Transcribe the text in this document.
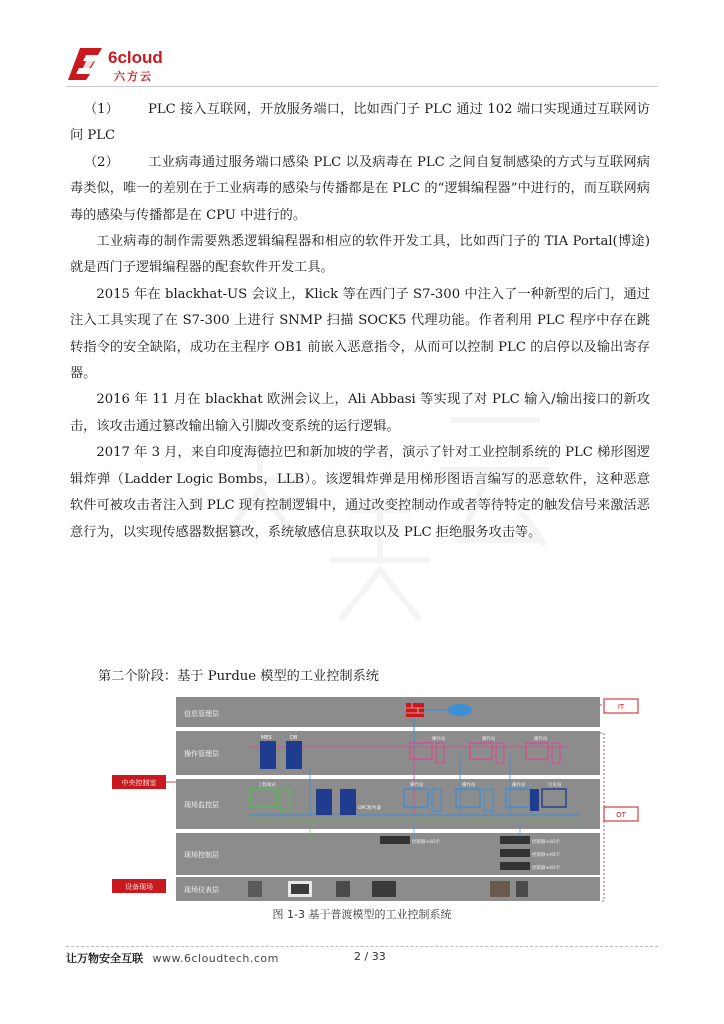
6cloud
六方云

（1） PLC 接入互联网，开放服务端口，比如西门子 PLC 通过 102 端口实现通过互联网访问 PLC

（2） 工业病毒通过服务端口感染 PLC 以及病毒在 PLC 之间自复制感染的方式与互联网病毒类似，唯一的差别在于工业病毒的感染与传播都是在 PLC 的“逻辑编程器”中进行的，而互联网病毒的感染与传播都是在 CPU 中进行的。

工业病毒的制作需要熟悉逻辑编程器和相应的软件开发工具，比如西门子的 TIA Portal(博途)就是西门子逻辑编程器的配套软件开发工具。

2015 年在 blackhat-US 会议上，Klick 等在西门子 S7-300 中注入了一种新型的后门，通过注入工具实现了在 S7-300 上进行 SNMP 扫描 SOCK5 代理功能。作者利用 PLC 程序中存在跳转指令的安全缺陷，成功在主程序 OB1 前嵌入恶意指令，从而可以控制 PLC 的启停以及输出寄存器。

2016 年 11 月在 blackhat 欧洲会议上，Ali Abbasi 等实现了对 PLC 输入/输出接口的新攻击，该攻击通过篡改输出输入引脚改变系统的运行逻辑。

2017 年 3 月，来自印度海德拉巴和新加坡的学者，演示了针对工业控制系统的 PLC 梯形图逻辑炸弹（Ladder Logic Bombs，LLB）。该逻辑炸弹是用梯形图语言编写的恶意软件，这种恶意软件可被攻击者注入到 PLC 现有控制逻辑中，通过改变控制动作或者等待特定的触发信号来激活恶意行为，以实现传感器数据篡改，系统敏感信息获取以及 PLC 拒绝服务攻击等。

第二个阶段：基于 Purdue 模型的工业控制系统
信息管理层
操作管理层
现场监控层
现场控制层
现场仪表层
中央控制室
设备现场
IT
OT
MES	DB	操作站	操作站	操作站
工程师站
OPC服务器
操作站	操作站	操作站	历史站
控制器+I/O卡	控制器+I/O卡
控制器+I/O卡
控制器+I/O卡
图 1-3 基于普渡模型的工业控制系统
让万物安全互联 www.6cloudtech.com	2 / 33
